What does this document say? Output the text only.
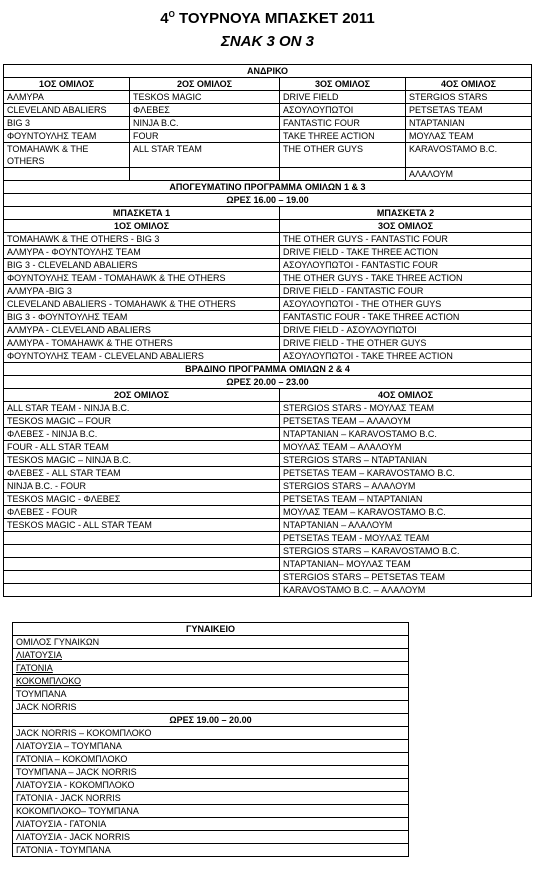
$4^O$ ΤΟΥΡΝΟΥΑ ΜΠΑΣΚΕΤ 2011
ΣΝΑΚ 3 ΟΝ 3
ΑΝΔΡΙΚΟ			
1ΟΣ ΟΜΙΛΟΣ	2ΟΣ ΟΜΙΛΟΣ	3ΟΣ ΟΜΙΛΟΣ	4ΟΣ ΟΜΙΛΟΣ
ΑΛΜΥΡΑ	TESKOS MAGIC	DRIVE FIELD	STERGIOS STARS
CLEVELAND ABALIERS	ΦΛΕΒΕΣ	ΑΣΟΥΛΟΥΠΩΤΟΙ	PETSETAS TEAM
BIG 3	NINJA B.C.	FANTASTIC FOUR	ΝΤΑΡΤΑΝΙΑΝ
ΦΟΥΝΤΟΥΛΗΣ TEAM	FOUR	TAKE THREE ACTION	ΜΟΥΛΑΣ TEAM
TOMAHAWK & THE OTHERS	ALL STAR TEAM	THE OTHER GUYS	KARAVOSTAMO B.C.
			ΑΛΑΛΟΥΜ
ΑΠΟΓΕΥΜΑΤΙΝΟ ΠΡΟΓΡΑΜΜΑ ΟΜΙΛΩΝ 1 & 3			
ΩΡΕΣ 16.00 – 19.00			
ΜΠΑΣΚΕΤΑ 1		ΜΠΑΣΚΕΤΑ 2	
1ΟΣ ΟΜΙΛΟΣ		3ΟΣ ΟΜΙΛΟΣ	
TOMAHAWK & THE OTHERS - BIG 3		THE OTHER GUYS - FANTASTIC FOUR	
ΑΛΜΥΡΑ - ΦΟΥΝΤΟΥΛΗΣ TEAM		DRIVE FIELD - TAKE THREE ACTION	
BIG 3 - CLEVELAND ABALIERS		ΑΣΟΥΛΟΥΠΩΤΟΙ - FANTASTIC FOUR	
ΦΟΥΝΤΟΥΛΗΣ TEAM - TOMAHAWK & THE OTHERS		THE OTHER GUYS - TAKE THREE ACTION	
ΑΛΜΥΡΑ -BIG 3		DRIVE FIELD - FANTASTIC FOUR	
CLEVELAND ABALIERS - TOMAHAWK & THE OTHERS		ΑΣΟΥΛΟΥΠΩΤΟΙ - THE OTHER GUYS	
BIG 3 - ΦΟΥΝΤΟΥΛΗΣ TEAM		FANTASTIC FOUR - TAKE THREE ACTION	
ΑΛΜΥΡΑ - CLEVELAND ABALIERS		DRIVE FIELD - ΑΣΟΥΛΟΥΠΩΤΟΙ	
ΑΛΜΥΡΑ - TOMAHAWK & THE OTHERS		DRIVE FIELD - THE OTHER GUYS	
ΦΟΥΝΤΟΥΛΗΣ TEAM - CLEVELAND ABALIERS		ΑΣΟΥΛΟΥΠΩΤΟΙ - TAKE THREE ACTION	
ΒΡΑΔΙΝΟ ΠΡΟΓΡΑΜΜΑ ΟΜΙΛΩΝ 2 & 4			
ΩΡΕΣ 20.00 – 23.00			
2ΟΣ ΟΜΙΛΟΣ		4ΟΣ ΟΜΙΛΟΣ	
ALL STAR TEAM - NINJA B.C.		STERGIOS STARS - ΜΟΥΛΑΣ TEAM	
TESKOS MAGIC – FOUR		PETSETAS TEAM – ΑΛΑΛΟΥΜ	
ΦΛΕΒΕΣ - NINJA B.C.		ΝΤΑΡΤΑΝΙΑΝ – KARAVOSTAMO B.C.	
FOUR - ALL STAR TEAM		ΜΟΥΛΑΣ TEAM – ΑΛΑΛΟΥΜ	
TESKOS MAGIC – NINJA B.C.		STERGIOS STARS – ΝΤΑΡΤΑΝΙΑΝ	
ΦΛΕΒΕΣ - ALL STAR TEAM		PETSETAS TEAM – KARAVOSTAMO B.C.	
NINJA B.C. - FOUR		STERGIOS STARS – ΑΛΑΛΟΥΜ	
TESKOS MAGIC - ΦΛΕΒΕΣ		PETSETAS TEAM – ΝΤΑΡΤΑΝΙΑΝ	
ΦΛΕΒΕΣ - FOUR		ΜΟΥΛΑΣ TEAM – KARAVOSTAMO B.C.	
TESKOS MAGIC - ALL STAR TEAM		ΝΤΑΡΤΑΝΙΑΝ – ΑΛΑΛΟΥΜ	
		PETSETAS TEAM - ΜΟΥΛΑΣ TEAM	
		STERGIOS STARS – KARAVOSTAMO B.C.	
		ΝΤΑΡΤΑΝΙΑΝ– ΜΟΥΛΑΣ TEAM	
		STERGIOS STARS – PETSETAS TEAM	
		KARAVOSTAMO B.C. – ΑΛΑΛΟΥΜ	
ΓΥΝΑΙΚΕΙΟ
ΟΜΙΛΟΣ ΓΥΝΑΙΚΩΝ
ΛΙΑΤΟΥΣΙΑ
ΓΑΤΟΝΙΑ
ΚΟΚΟΜΠΛΟΚΟ
ΤΟΥΜΠΑΝΑ
JACK NORRIS
ΩΡΕΣ 19.00 – 20.00
JACK NORRIS – ΚΟΚΟΜΠΛΟΚΟ
ΛΙΑΤΟΥΣΙΑ – ΤΟΥΜΠΑΝΑ
ΓΑΤΟΝΙΑ – ΚΟΚΟΜΠΛΟΚΟ
ΤΟΥΜΠΑΝΑ – JACK NORRIS
ΛΙΑΤΟΥΣΙΑ - ΚΟΚΟΜΠΛΟΚΟ
ΓΑΤΟΝΙΑ - JACK NORRIS
ΚΟΚΟΜΠΛΟΚΟ– ΤΟΥΜΠΑΝΑ
ΛΙΑΤΟΥΣΙΑ - ΓΑΤΟΝΙΑ
ΛΙΑΤΟΥΣΙΑ - JACK NORRIS
ΓΑΤΟΝΙΑ - ΤΟΥΜΠΑΝΑ
